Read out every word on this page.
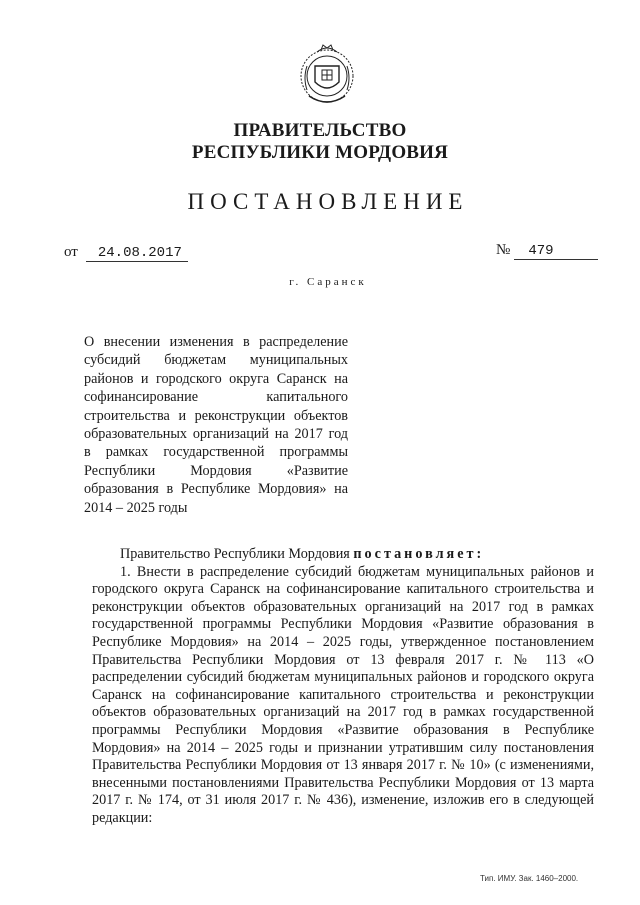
ПРАВИТЕЛЬСТВО
РЕСПУБЛИКИ МОРДОВИЯ
ПОСТАНОВЛЕНИЕ
от 24.08.2017	№ 479
г. Саранск
О внесении изменения в распределение субсидий бюджетам муниципальных районов и городского округа Саранск на софинансирование капитального строительства и реконструкции объектов образовательных организаций на 2017 год в рамках государственной программы Республики Мордовия «Развитие образования в Республике Мордовия» на 2014 – 2025 годы

Правительство Республики Мордовия постановляет:

1. Внести в распределение субсидий бюджетам муниципальных районов и городского округа Саранск на софинансирование капитального строительства и реконструкции объектов образовательных организаций на 2017 год в рамках государственной программы Республики Мордовия «Развитие образования в Республике Мордовия» на 2014 – 2025 годы, утвержденное постановлением Правительства Республики Мордовия от 13 февраля 2017 г. № 113 «О распределении субсидий бюджетам муниципальных районов и городского округа Саранск на софинансирование капитального строительства и реконструкции объектов образовательных организаций на 2017 год в рамках государственной программы Республики Мордовия «Развитие образования в Республике Мордовия» на 2014 – 2025 годы и признании утратившим силу постановления Правительства Республики Мордовия от 13 января 2017 г. № 10» (с изменениями, внесенными постановлениями Правительства Республики Мордовия от 13 марта 2017 г. № 174, от 31 июля 2017 г. № 436), изменение, изложив его в следующей редакции:

Тип. ИМУ. Зак. 1460–2000.
